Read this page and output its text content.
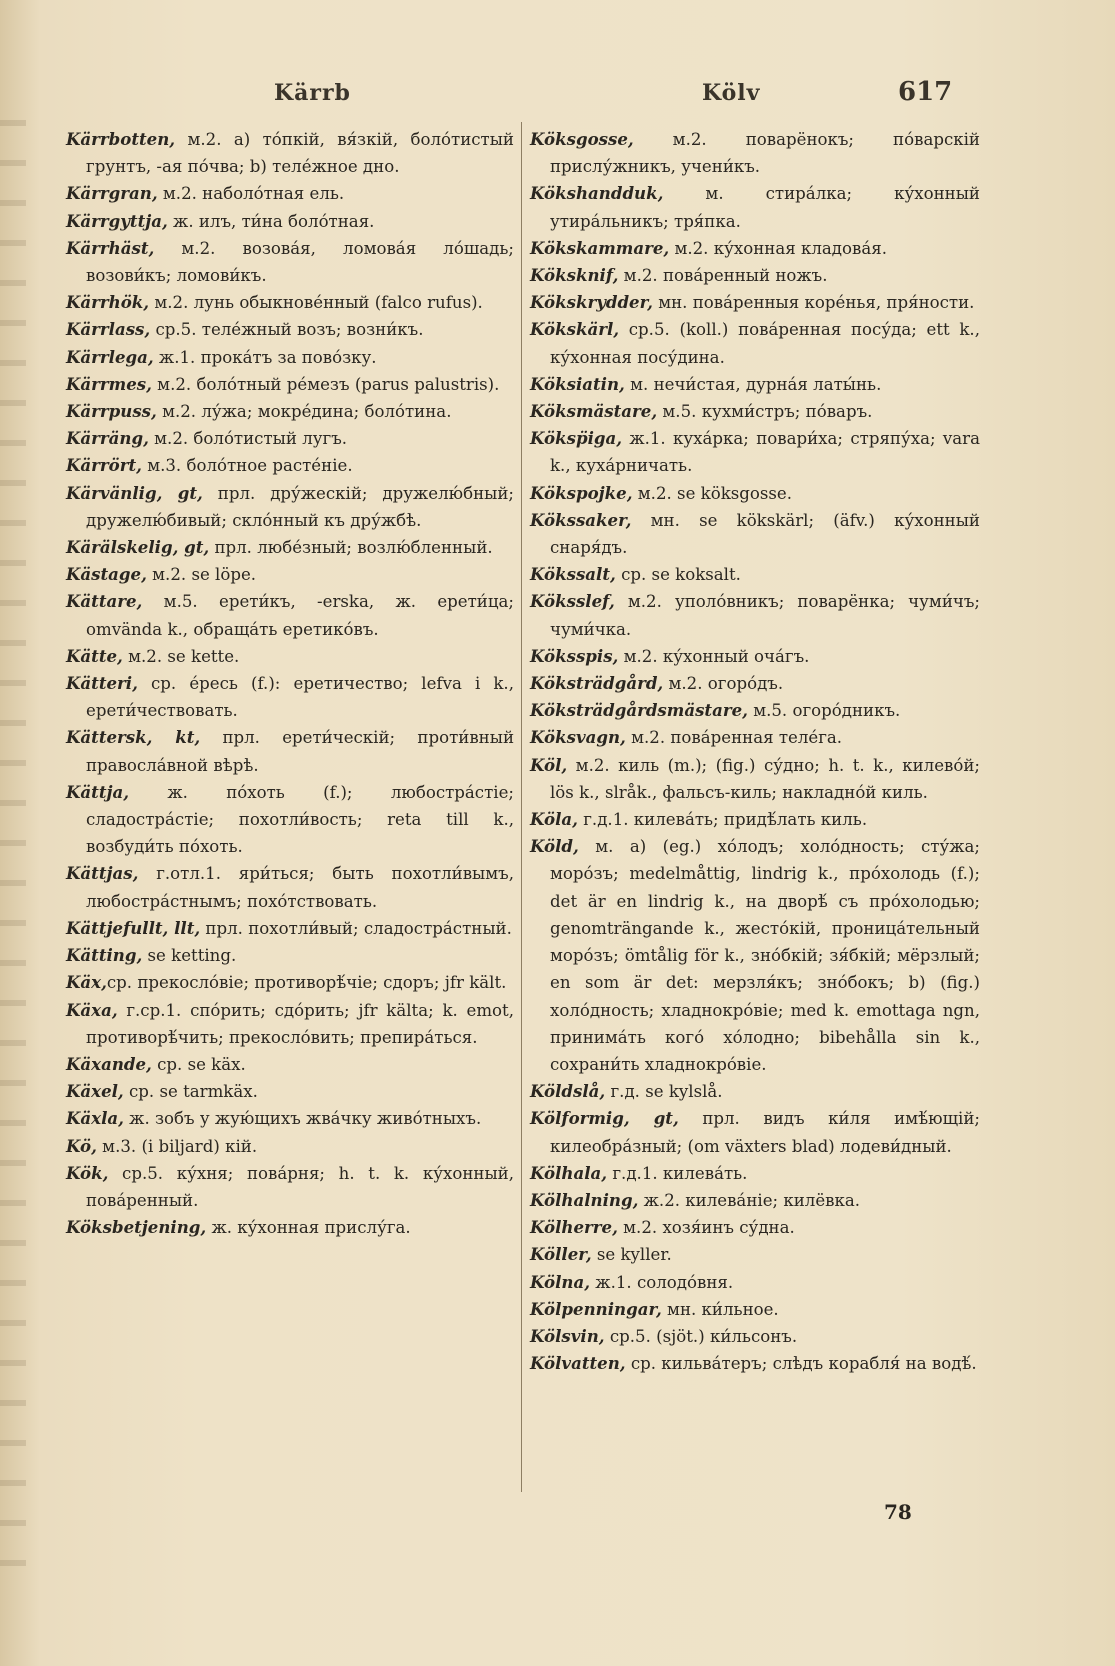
Kärrb	Kölv	617
Kärrbotten, м.2. а) то́пкій, вя́зкій, боло́тистый грунтъ, -ая по́чва; b) теле́жное дно.
Kärrgran, м.2. наболо́тная ель.
Kärrgyttja, ж. илъ, ти́на боло́тная.
Kärrhäst, м.2. возова́я, ломова́я ло́шадь; возови́къ; ломови́къ.
Kärrhök, м.2. лунь обыкнове́нный (falco rufus).
Kärrlass, ср.5. теле́жный возъ; возни́къ.
Kärrlega, ж.1. прока́тъ за пово́зку.
Kärrmes, м.2. боло́тный ре́мезъ (parus palustris).
Kärrpuss, м.2. лу́жа; мокре́дина; боло́тина.
Kärräng, м.2. боло́тистый лугъ.
Kärrört, м.3. боло́тное расте́ніе.
Kärvänlig, gt, прл. дру́жескій; дружелю́бный; дружелю́бивый; скло́нный къ дру́жбѣ.
Kärälskelig, gt, прл. любе́зный; возлю́бленный.
Kästage, м.2. se löpe.
Kättare, м.5. ерети́къ, -erska, ж. ерети́ца; omvända k., обраща́ть еретико́въ.
Kätte, м.2. se kette.
Kätteri, ср. е́ресь (f.): еретичество; lefva i k., ерети́чествовать.
Kättersk, kt, прл. ерети́ческій; проти́вный правосла́вной вѣрѣ.
Kättja, ж. по́хоть (f.); любостра́стіе; сладостра́стіе; похотли́вость; reta till k., возбуди́ть по́хоть.
Kättjas, г.отл.1. яри́ться; быть похотли́вымъ, любостра́стнымъ; похо́тствовать.
Kättjefullt, llt, прл. похотли́вый; сладостра́стный.
Kätting, se ketting.
Käx,ср. прекосло́віе; противорѣ́чіе; сдоръ; jfr kält.
Käxa, г.ср.1. спо́рить; сдо́рить; jfr kälta; k. emot, противорѣ́чить; прекосло́вить; препира́ться.
Käxande, ср. se käx.
Käxel, ср. se tarmkäx.
Käxla, ж. зобъ у жую́щихъ жва́чку живо́тныхъ.
Kö, м.3. (i biljard) кій.
Kök, ср.5. ку́хня; пова́рня; h. t. k. ку́хонный, пова́ренный.
Köksbetjening, ж. ку́хонная прислу́га.
Köksgosse, м.2. поварёнокъ; по́варскій прислу́жникъ, учени́къ.
Kökshandduk, м. стира́лка; ку́хонный утира́льникъ; тря́пка.
Kökskammare, м.2. ку́хонная кладова́я.
Köksknif, м.2. пова́ренный ножъ.
Kökskrydder, мн. пова́ренныя коре́нья, пря́ности.
Kökskärl, ср.5. (koll.) пова́ренная посу́да; ett k., ку́хонная посу́дина.
Köksiatin, м. нечи́стая, дурна́я латы́нь.
Köksmästare, м.5. кухми́стръ; по́варъ.
Köksp̈iga, ж.1. куха́рка; повари́ха; стряпу́ха; vara k., куха́рничать.
Kökspojke, м.2. se köksgosse.
Kökssaker, мн. se kökskärl; (äfv.) ку́хонный снаря́дъ.
Kökssalt, ср. se koksalt.
Köksslef, м.2. уполо́вникъ; поварёнка; чуми́чъ; чуми́чка.
Köksspis, м.2. ку́хонный оча́гъ.
Köksträdgård, м.2. огоро́дъ.
Köksträdgårdsmästare, м.5. огоро́дникъ.
Köksvagn, м.2. пова́ренная теле́га.
Köl, м.2. киль (m.); (fig.) су́дно; h. t. k., килево́й; lös k., slråk., фальсъ-киль; накладно́й киль.
Köla, г.д.1. килева́ть; придѣ́лать киль.
Köld, м. а) (eg.) хо́лодъ; холо́дность; сту́жа; моро́зъ; medelmåttig, lindrig k., про́холодь (f.); det är en lindrig k., на дворѣ́ съ про́холодью; genomträngande k., жесто́кій, проница́тельный моро́зъ; ömtålig för k., зно́бкій; зя́бкій; мёрзлый; en som är det: мерзля́къ; зно́бокъ; b) (fig.) холо́дность; хладнокро́віе; med k. emottaga ngn, принима́ть кого́ хо́лодно; bibehålla sin k., сохрани́ть хладнокро́віе.
Köldslå, г.д. se kylslå.
Kölformig, gt, прл. видъ ки́ля имѣ́ющій; килеобра́зный; (om växters blad) лодеви́дный.
Kölhala, г.д.1. килева́ть.
Kölhalning, ж.2. килева́ніе; килёвка.
Kölherre, м.2. хозя́инъ су́дна.
Köller, se kyller.
Kölna, ж.1. солодо́вня.
Kölpenningar, мн. ки́льное.
Kölsvin, ср.5. (sjöt.) ки́льсонъ.
Kölvatten, ср. кильва́теръ; слѣдъ корабля́ на водѣ́.
78
